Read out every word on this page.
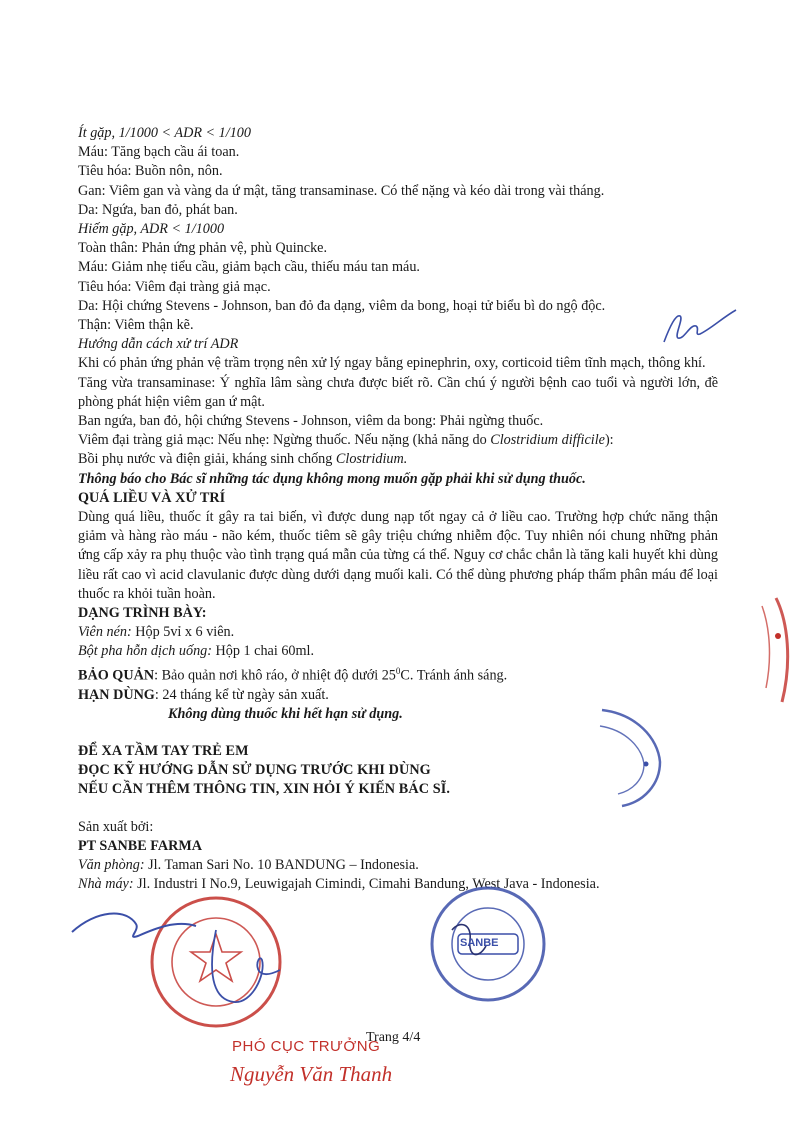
Ít gặp, 1/1000 < ADR < 1/100

Máu: Tăng bạch cầu ái toan.

Tiêu hóa: Buồn nôn, nôn.

Gan: Viêm gan và vàng da ứ mật, tăng transaminase. Có thể nặng và kéo dài trong vài tháng.

Da: Ngứa, ban đỏ, phát ban.

Hiếm gặp, ADR < 1/1000

Toàn thân: Phản ứng phản vệ, phù Quincke.

Máu: Giảm nhẹ tiểu cầu, giảm bạch cầu, thiếu máu tan máu.

Tiêu hóa: Viêm đại tràng giả mạc.

Da: Hội chứng Stevens - Johnson, ban đỏ đa dạng, viêm da bong, hoại tử biểu bì do ngộ độc.

Thận: Viêm thận kẽ.

Hướng dẫn cách xử trí ADR

Khi có phản ứng phản vệ trầm trọng nên xử lý ngay bằng epinephrin, oxy, corticoid tiêm tĩnh mạch, thông khí.

Tăng vừa transaminase: Ý nghĩa lâm sàng chưa được biết rõ. Cần chú ý người bệnh cao tuổi và người lớn, đề phòng phát hiện viêm gan ứ mật.

Ban ngứa, ban đỏ, hội chứng Stevens - Johnson, viêm da bong: Phải ngừng thuốc.

Viêm đại tràng giả mạc: Nếu nhẹ: Ngừng thuốc. Nếu nặng (khả năng do Clostridium difficile):

Bồi phụ nước và điện giải, kháng sinh chống Clostridium.

Thông báo cho Bác sĩ những tác dụng không mong muốn gặp phải khi sử dụng thuốc.

QUÁ LIỀU VÀ XỬ TRÍ

Dùng quá liều, thuốc ít gây ra tai biến, vì được dung nạp tốt ngay cả ở liều cao. Trường hợp chức năng thận giảm và hàng rào máu - não kém, thuốc tiêm sẽ gây triệu chứng nhiễm độc. Tuy nhiên nói chung những phản ứng cấp xảy ra phụ thuộc vào tình trạng quá mẫn của từng cá thể. Nguy cơ chắc chắn là tăng kali huyết khi dùng liều rất cao vì acid clavulanic được dùng dưới dạng muối kali. Có thể dùng phương pháp thẩm phân máu để loại thuốc ra khỏi tuần hoàn.

DẠNG TRÌNH BÀY:

Viên nén: Hộp 5vỉ x 6 viên.

Bột pha hỗn dịch uống: Hộp 1 chai 60ml.

BẢO QUẢN: Bảo quản nơi khô ráo, ở nhiệt độ dưới $25^0C$. Tránh ánh sáng.

HẠN DÙNG: 24 tháng kể từ ngày sản xuất.

Không dùng thuốc khi hết hạn sử dụng.

ĐỂ XA TẦM TAY TRẺ EM

ĐỌC KỸ HƯỚNG DẪN SỬ DỤNG TRƯỚC KHI DÙNG

NẾU CẦN THÊM THÔNG TIN, XIN HỎI Ý KIẾN BÁC SĨ.

Sản xuất bởi:

PT SANBE FARMA

Văn phòng: Jl. Taman Sari No. 10 BANDUNG – Indonesia.

Nhà máy: Jl. Industri I No.9, Leuwigajah Cimindi, Cimahi Bandung, West Java - Indonesia.

SANBE
Trang 4/4
PHÓ CỤC TRƯỞNG
Nguyễn Văn Thanh
